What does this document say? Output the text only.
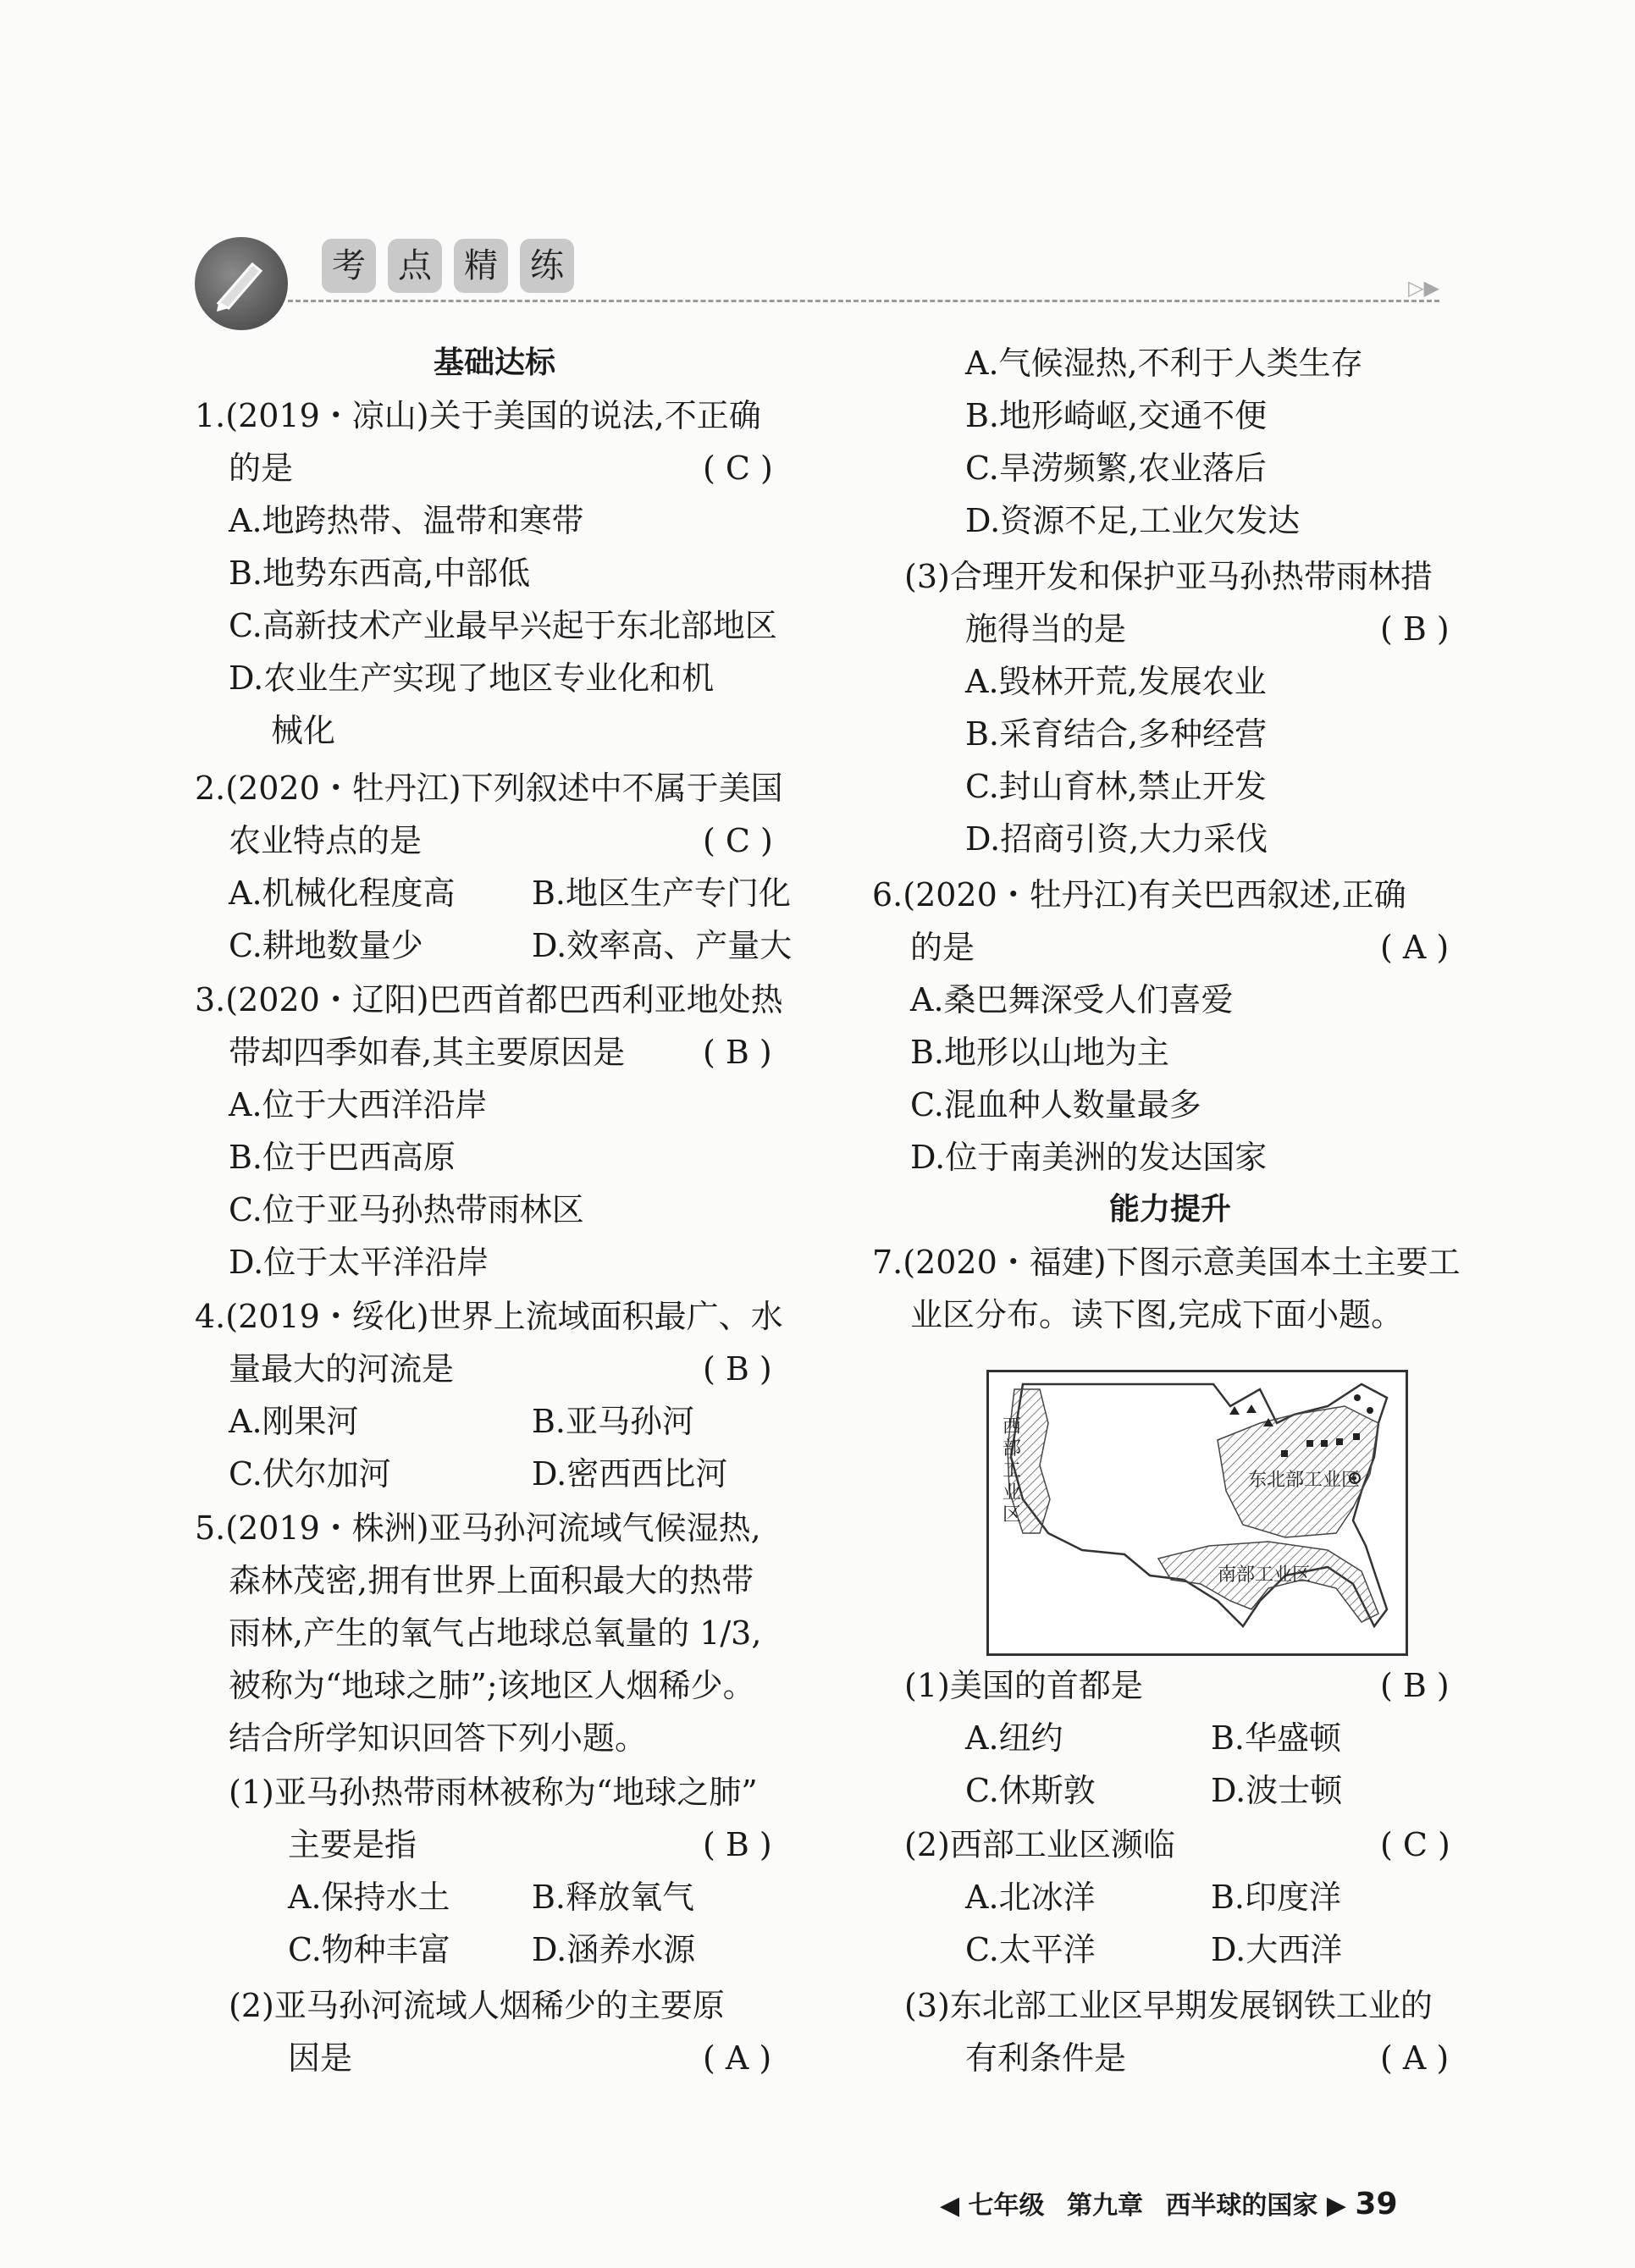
考 点 精 练
▷▶
基础达标
1.(2019・凉山)关于美国的说法,不正确
的是	( C )
A.地跨热带、温带和寒带
B.地势东西高,中部低
C.高新技术产业最早兴起于东北部地区
D.农业生产实现了地区专业化和机
械化
2.(2020・牡丹江)下列叙述中不属于美国
农业特点的是	( C )
A.机械化程度高 B.地区生产专门化
C.耕地数量少	D.效率高、产量大
3.(2020・辽阳)巴西首都巴西利亚地处热
带却四季如春,其主要原因是 ( B )
A.位于大西洋沿岸
B.位于巴西高原
C.位于亚马孙热带雨林区
D.位于太平洋沿岸
4.(2019・绥化)世界上流域面积最广、水
量最大的河流是	( B )
A.刚果河	B.亚马孙河
C.伏尔加河	D.密西西比河
5.(2019・株洲)亚马孙河流域气候湿热,
森林茂密,拥有世界上面积最大的热带
雨林,产生的氧气占地球总氧量的 1/3,
被称为“地球之肺”;该地区人烟稀少。
结合所学知识回答下列小题。
(1)亚马孙热带雨林被称为“地球之肺”
主要是指	( B )
A.保持水土	B.释放氧气
C.物种丰富	D.涵养水源
(2)亚马孙河流域人烟稀少的主要原
因是	( A )
A.气候湿热,不利于人类生存
B.地形崎岖,交通不便
C.旱涝频繁,农业落后
D.资源不足,工业欠发达
(3)合理开发和保护亚马孙热带雨林措
施得当的是	( B )
A.毁林开荒,发展农业
B.采育结合,多种经营
C.封山育林,禁止开发
D.招商引资,大力采伐
6.(2020・牡丹江)有关巴西叙述,正确
的是	( A )
A.桑巴舞深受人们喜爱
B.地形以山地为主
C.混血种人数量最多
D.位于南美洲的发达国家
能力提升
7.(2020・福建)下图示意美国本土主要工
业区分布。读下图,完成下面小题。
(1)美国的首都是	( B )
A.纽约	B.华盛顿
C.休斯敦	D.波士顿
(2)西部工业区濒临	( C )
A.北冰洋	B.印度洋
C.太平洋	D.大西洋
(3)东北部工业区早期发展钢铁工业的
有利条件是	( A )
西
部
工
业
区
东北部工业区
南部工业区
◀ 七年级 第九章 西半球的国家 ▶ 39
